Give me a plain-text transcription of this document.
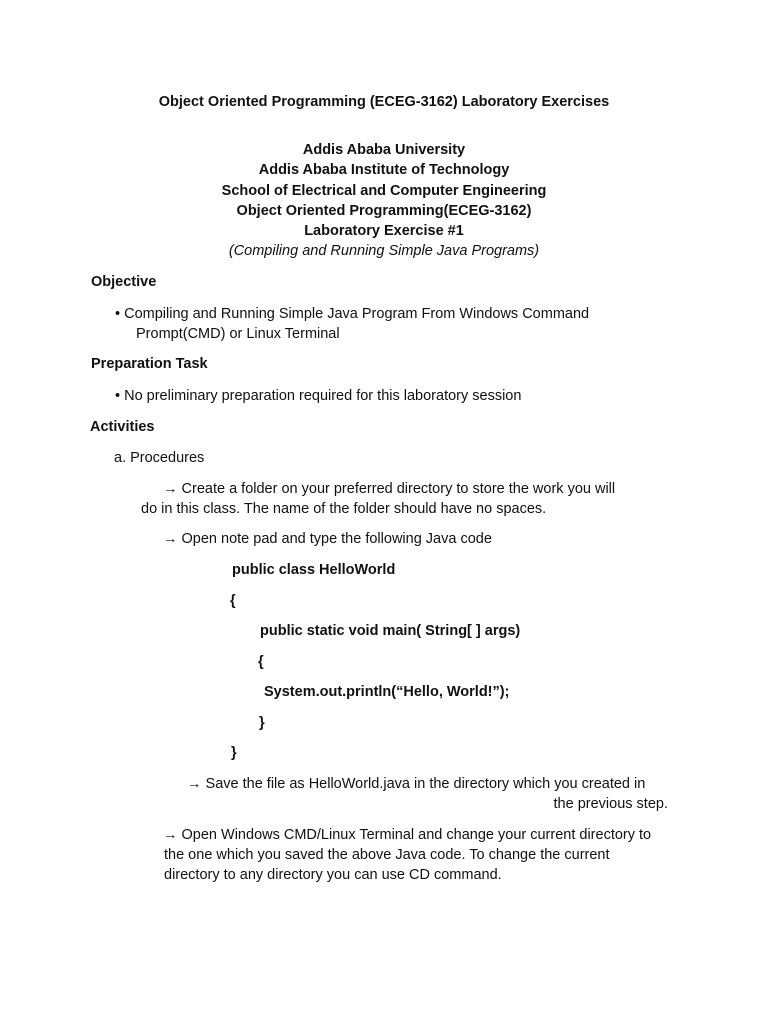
Object Oriented Programming (ECEG-3162) Laboratory Exercises
Addis Ababa University
Addis Ababa Institute of Technology
School of Electrical and Computer Engineering
Object Oriented Programming(ECEG-3162)
Laboratory Exercise #1
(Compiling and Running Simple Java Programs)
Objective
• Compiling and Running Simple Java Program From Windows Command
Prompt(CMD) or Linux Terminal
Preparation Task
• No preliminary preparation required for this laboratory session
Activities
a. Procedures
→ Create a folder on your preferred directory to store the work you will
do in this class. The name of the folder should have no spaces.
→ Open note pad and type the following Java code
public class HelloWorld
{
public static void main( String[ ] args)
{
System.out.println(“Hello, World!”);
}
}
→ Save the file as HelloWorld.java in the directory which you created in
the previous step.
→ Open Windows CMD/Linux Terminal and change your current directory to
the one which you saved the above Java code. To change the current
directory to any directory you can use CD command.
